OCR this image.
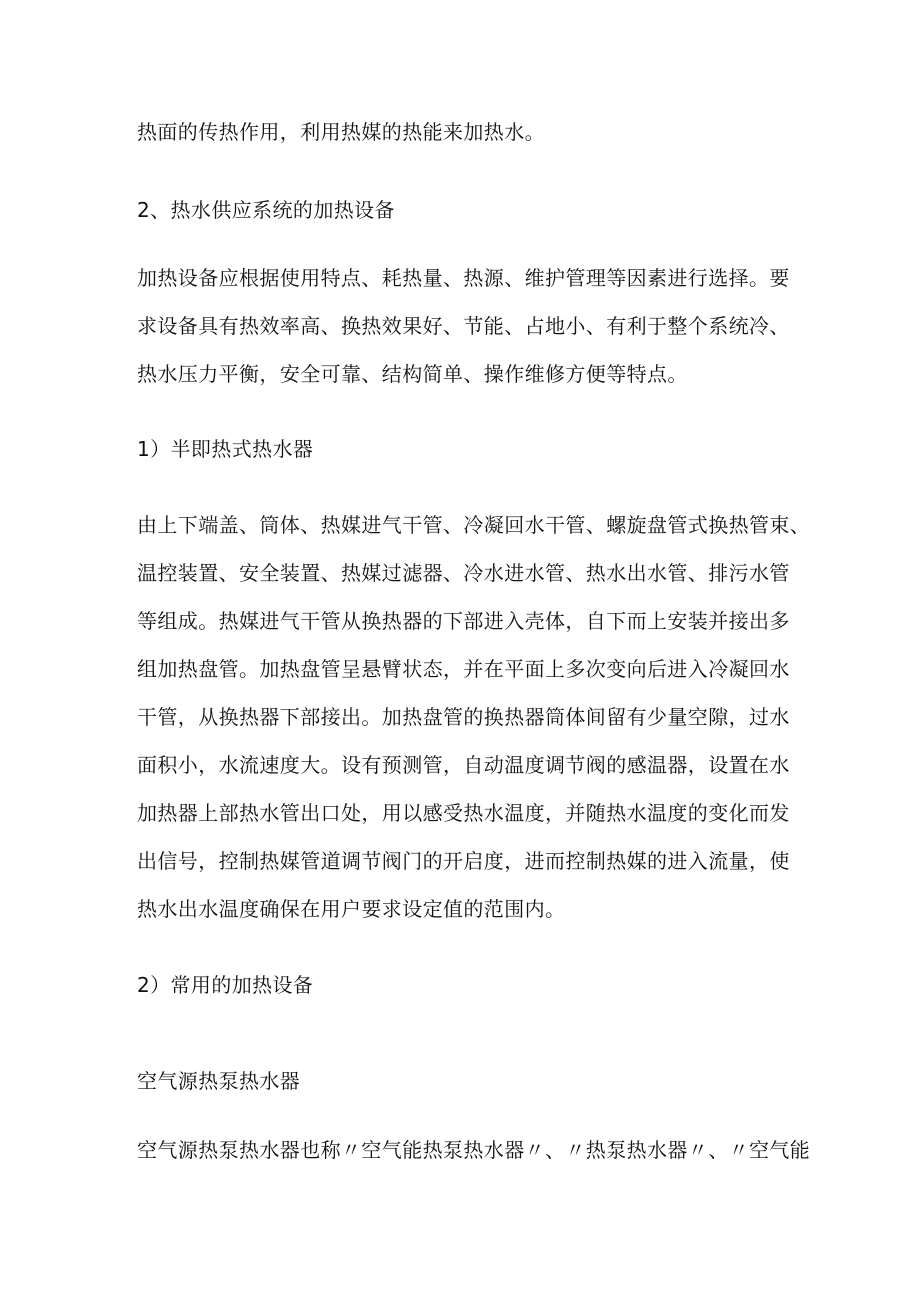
热面的传热作用，利用热媒的热能来加热水。
2、热水供应系统的加热设备
加热设备应根据使用特点、耗热量、热源、维护管理等因素进行选择。要
求设备具有热效率高、换热效果好、节能、占地小、有利于整个系统冷、
热水压力平衡，安全可靠、结构简单、操作维修方便等特点。
1）半即热式热水器
由上下端盖、筒体、热媒进气干管、冷凝回水干管、螺旋盘管式换热管束、
温控装置、安全装置、热媒过滤器、冷水进水管、热水出水管、排污水管
等组成。热媒进气干管从换热器的下部进入壳体，自下而上安装并接出多
组加热盘管。加热盘管呈悬臂状态，并在平面上多次变向后进入冷凝回水
干管，从换热器下部接出。加热盘管的换热器筒体间留有少量空隙，过水
面积小，水流速度大。设有预测管，自动温度调节阀的感温器，设置在水
加热器上部热水管出口处，用以感受热水温度，并随热水温度的变化而发
出信号，控制热媒管道调节阀门的开启度，进而控制热媒的进入流量，使
热水出水温度确保在用户要求设定值的范围内。
2）常用的加热设备
空气源热泵热水器
空气源热泵热水器也称〃空气能热泵热水器〃、〃热泵热水器〃、〃空气能
